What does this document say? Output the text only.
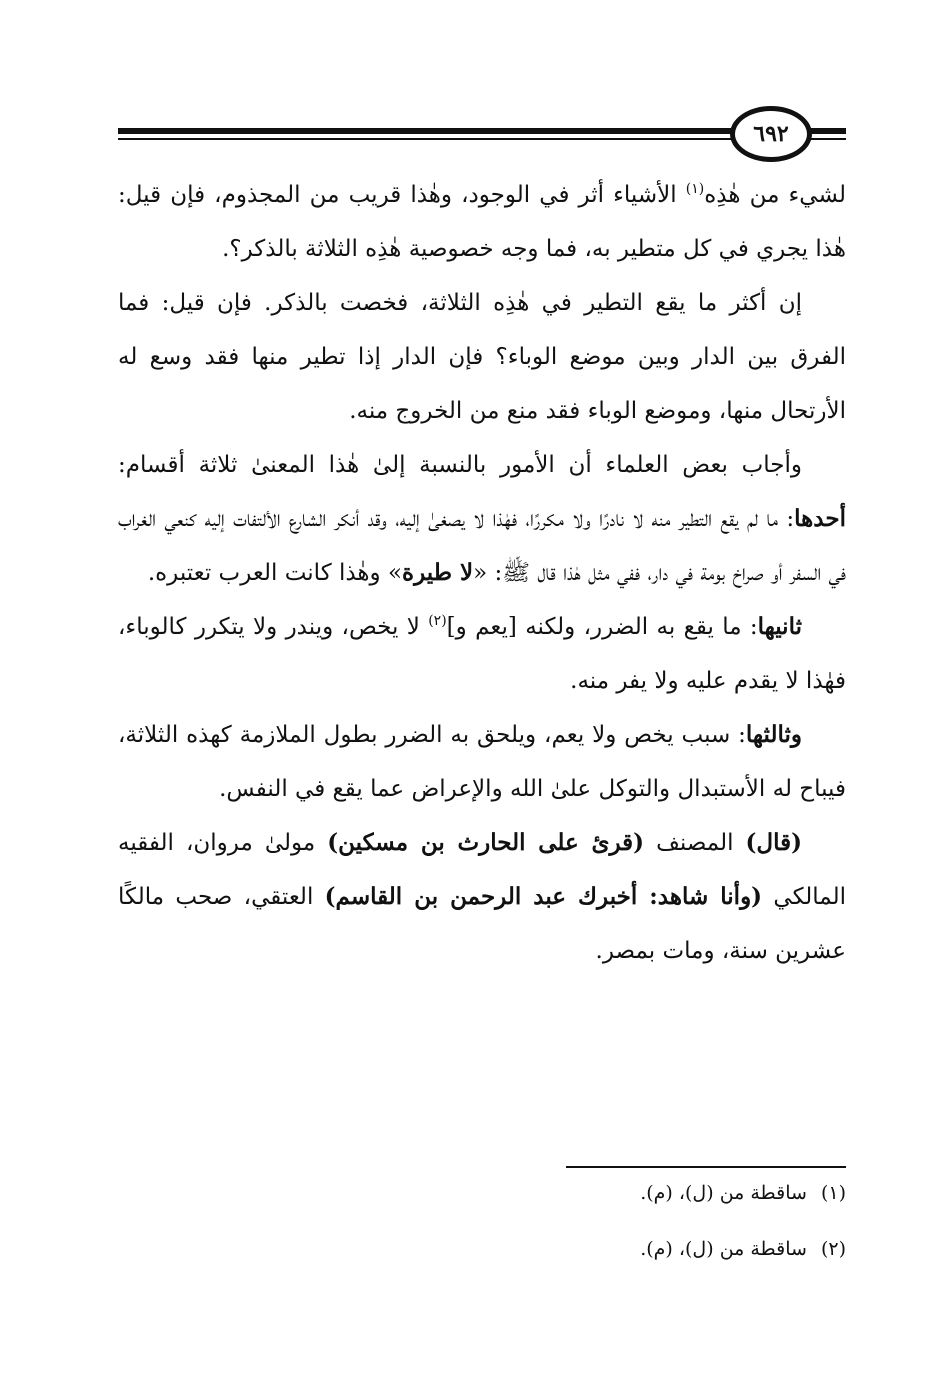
٦٩٢

لشيء من هٰذِه$^{(١)}$ الأشياء أثر في الوجود، وهٰذا قريب من المجذوم، فإن قيل: هٰذا يجري في كل متطير به، فما وجه خصوصية هٰذِه الثلاثة بالذكر؟.

إن أكثر ما يقع التطير في هٰذِه الثلاثة، فخصت بالذكر. فإن قيل: فما الفرق بين الدار وبين موضع الوباء؟ فإن الدار إذا تطير منها فقد وسع له الأرتحال منها، وموضع الوباء فقد منع من الخروج منه.

وأجاب بعض العلماء أن الأمور بالنسبة إلىٰ هٰذا المعنىٰ ثلاثة أقسام: أحدها: ما لم يقع التطير منه لا نادرًا ولا مكررًا، فهٰذا لا يصغىٰ إليه، وقد أنكر الشارع الألتفات إليه كنعي الغراب في السفر أو صراخ بومة في دار، ففي مثل هٰذا قال ﷺ: «لا طيرة» وهٰذا كانت العرب تعتبره.

ثانيها: ما يقع به الضرر، ولكنه [يعم و]$^{(٢)}$ لا يخص، ويندر ولا يتكرر كالوباء، فهٰذا لا يقدم عليه ولا يفر منه.

وثالثها: سبب يخص ولا يعم، ويلحق به الضرر بطول الملازمة كهذه الثلاثة، فيباح له الأستبدال والتوكل علىٰ الله والإعراض عما يقع في النفس.

(قال) المصنف (قرئ على الحارث بن مسكين) مولىٰ مروان، الفقيه المالكي (وأنا شاهد: أخبرك عبد الرحمن بن القاسم) العتقي، صحب مالكًا عشرين سنة، ومات بمصر.

(١)ساقطة من (ل)، (م).

(٢)ساقطة من (ل)، (م).
